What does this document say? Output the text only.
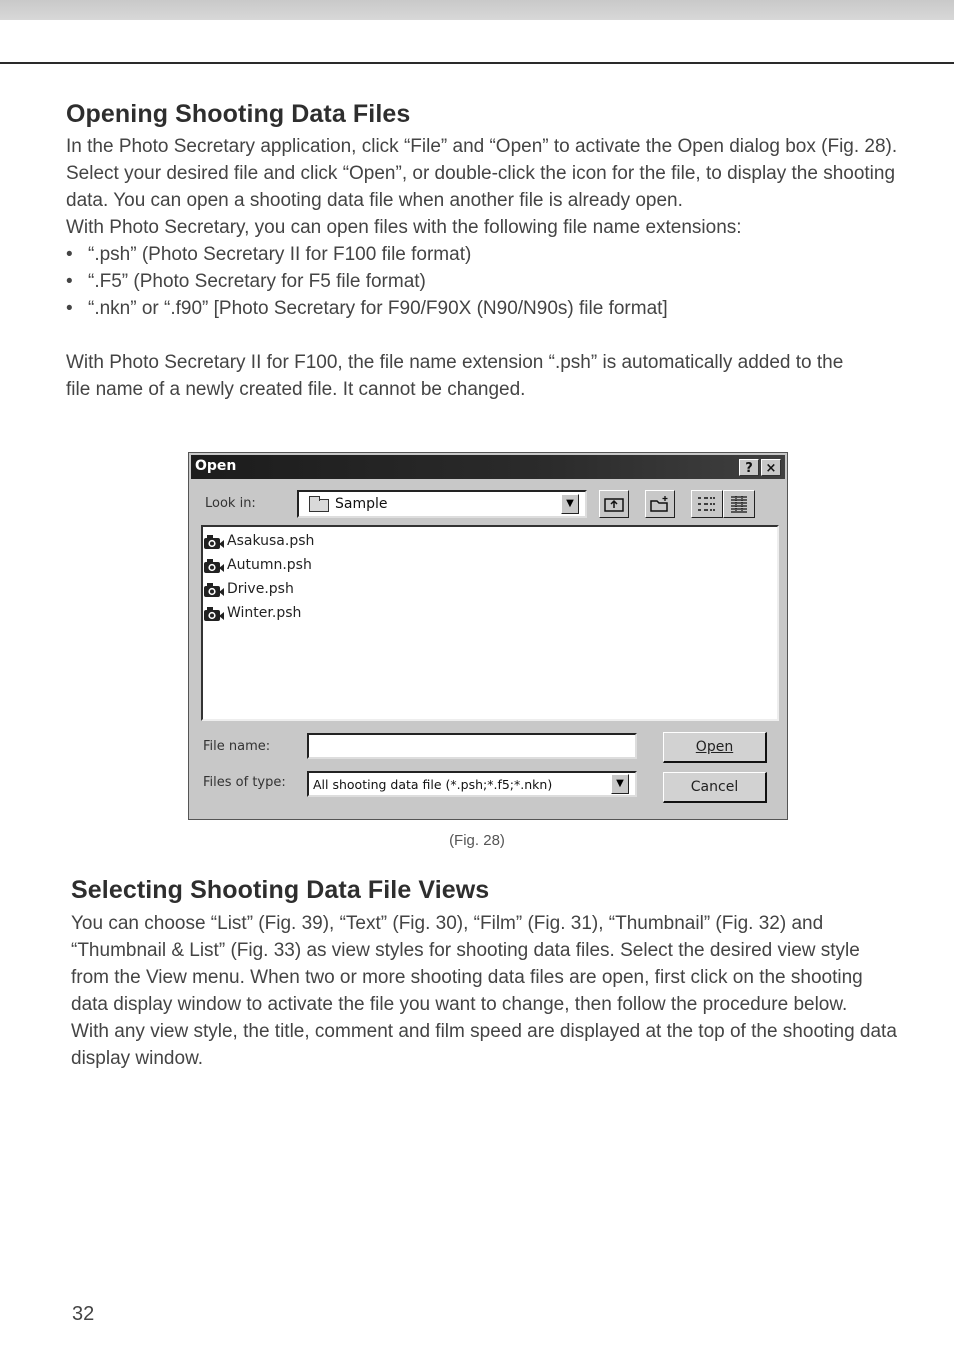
Opening Shooting Data Files

In the Photo Secretary application, click “File” and “Open” to activate the Open dialog box (Fig. 28). Select your desired file and click “Open”, or double-click the icon for the file, to display the shooting data. You can open a shooting data file when another file is already open.

With Photo Secretary, you can open files with the following file name extensions:

• “.psh” (Photo Secretary II for F100 file format)
• “.F5” (Photo Secretary for F5 file format)
• “.nkn” or “.f90” [Photo Secretary for F90/F90X (N90/N90s) file format]

With Photo Secretary II for F100, the file name extension “.psh” is automatically added to the file name of a newly created file. It cannot be changed.

Open	? ×
Look in:	Sample	▼
Asakusa.psh
Autumn.psh
Drive.psh
Winter.psh
File name:
Files of type: All shooting data file (*.psh;*.f5;*.nkn)	▼
Open
Cancel
(Fig. 28)
Selecting Shooting Data File Views

You can choose “List” (Fig. 39), “Text” (Fig. 30), “Film” (Fig. 31), “Thumbnail” (Fig. 32) and “Thumbnail & List” (Fig. 33) as view styles for shooting data files. Select the desired view style from the View menu. When two or more shooting data files are open, first click on the shooting data display window to activate the file you want to change, then follow the procedure below.

With any view style, the title, comment and film speed are displayed at the top of the shooting data display window.

32
